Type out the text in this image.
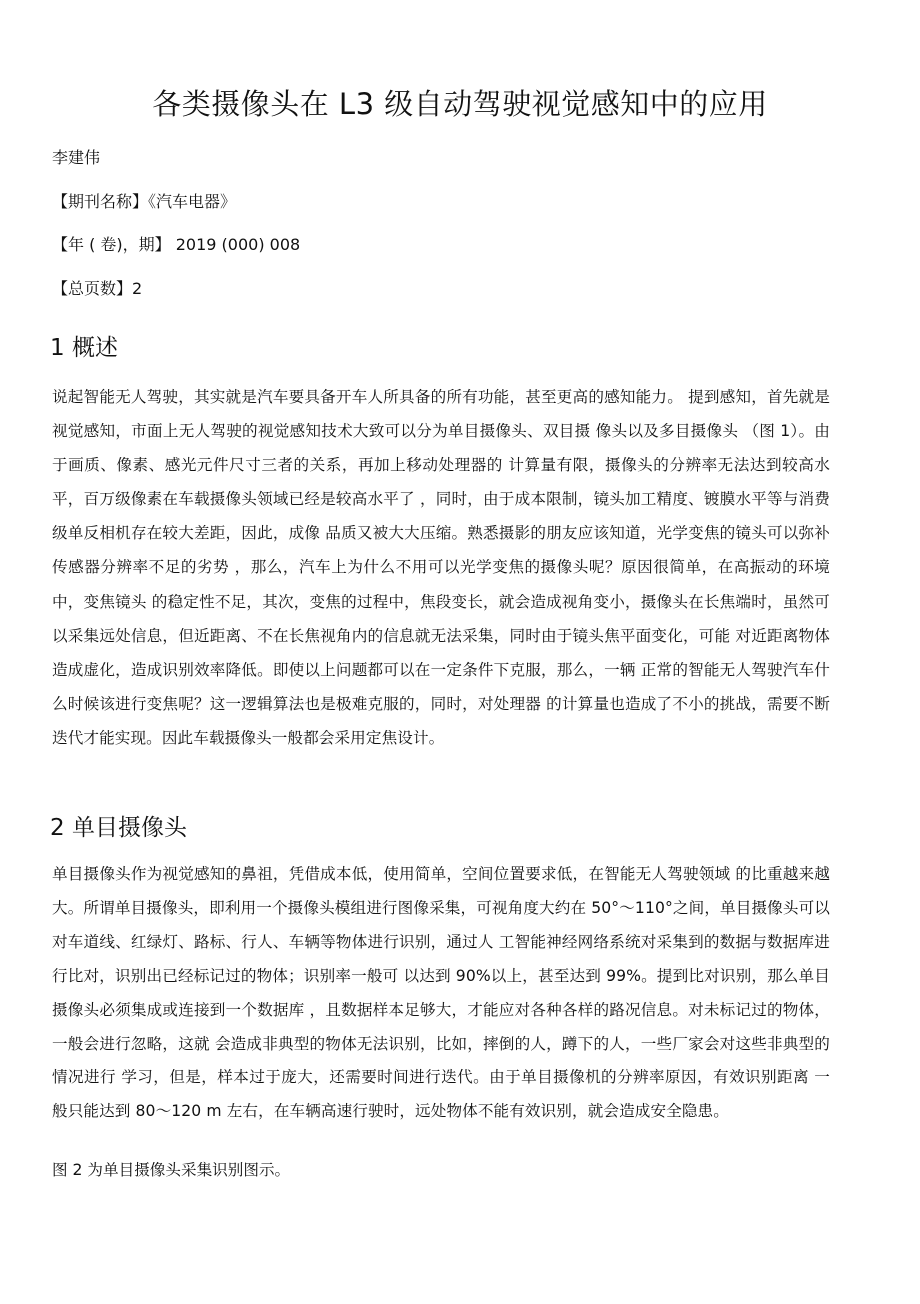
各类摄像头在 L3 级自动驾驶视觉感知中的应用

李建伟

【期刊名称】《汽车电器》

【年 ( 卷)，期】 2019 (000) 008

【总页数】2

1 概述

说起智能无人驾驶，其实就是汽车要具备开车人所具备的所有功能，甚至更高的感知能力。 提到感知，首先就是视觉感知，市面上无人驾驶的视觉感知技术大致可以分为单目摄像头、双目摄 像头以及多目摄像头 （图 1）。由于画质、像素、感光元件尺寸三者的关系，再加上移动处理器的 计算量有限，摄像头的分辨率无法达到较高水平，百万级像素在车载摄像头领域已经是较高水平了 ，同时，由于成本限制，镜头加工精度、镀膜水平等与消费级单反相机存在较大差距，因此，成像 品质又被大大压缩。熟悉摄影的朋友应该知道，光学变焦的镜头可以弥补传感器分辨率不足的劣势 ，那么，汽车上为什么不用可以光学变焦的摄像头呢？原因很简单，在高振动的环境中，变焦镜头 的稳定性不足，其次，变焦的过程中，焦段变长，就会造成视角变小，摄像头在长焦端时，虽然可 以采集远处信息，但近距离、不在长焦视角内的信息就无法采集，同时由于镜头焦平面变化，可能 对近距离物体造成虚化，造成识别效率降低。即使以上问题都可以在一定条件下克服，那么，一辆 正常的智能无人驾驶汽车什么时候该进行变焦呢？这一逻辑算法也是极难克服的，同时，对处理器 的计算量也造成了不小的挑战，需要不断迭代才能实现。因此车载摄像头一般都会采用定焦设计。

2 单目摄像头

单目摄像头作为视觉感知的鼻祖，凭借成本低，使用简单，空间位置要求低，在智能无人驾驶领域 的比重越来越大。所谓单目摄像头，即利用一个摄像头模组进行图像采集，可视角度大约在 50°～110°之间，单目摄像头可以对车道线、红绿灯、路标、行人、车辆等物体进行识别，通过人 工智能神经网络系统对采集到的数据与数据库进行比对，识别出已经标记过的物体；识别率一般可 以达到 90%以上，甚至达到 99%。提到比对识别，那么单目摄像头必须集成或连接到一个数据库 ，且数据样本足够大，才能应对各种各样的路况信息。对未标记过的物体，一般会进行忽略，这就 会造成非典型的物体无法识别，比如，摔倒的人，蹲下的人，一些厂家会对这些非典型的情况进行 学习，但是，样本过于庞大，还需要时间进行迭代。由于单目摄像机的分辨率原因，有效识别距离 一般只能达到 80～120 m 左右，在车辆高速行驶时，远处物体不能有效识别，就会造成安全隐患。

图 2 为单目摄像头采集识别图示。
